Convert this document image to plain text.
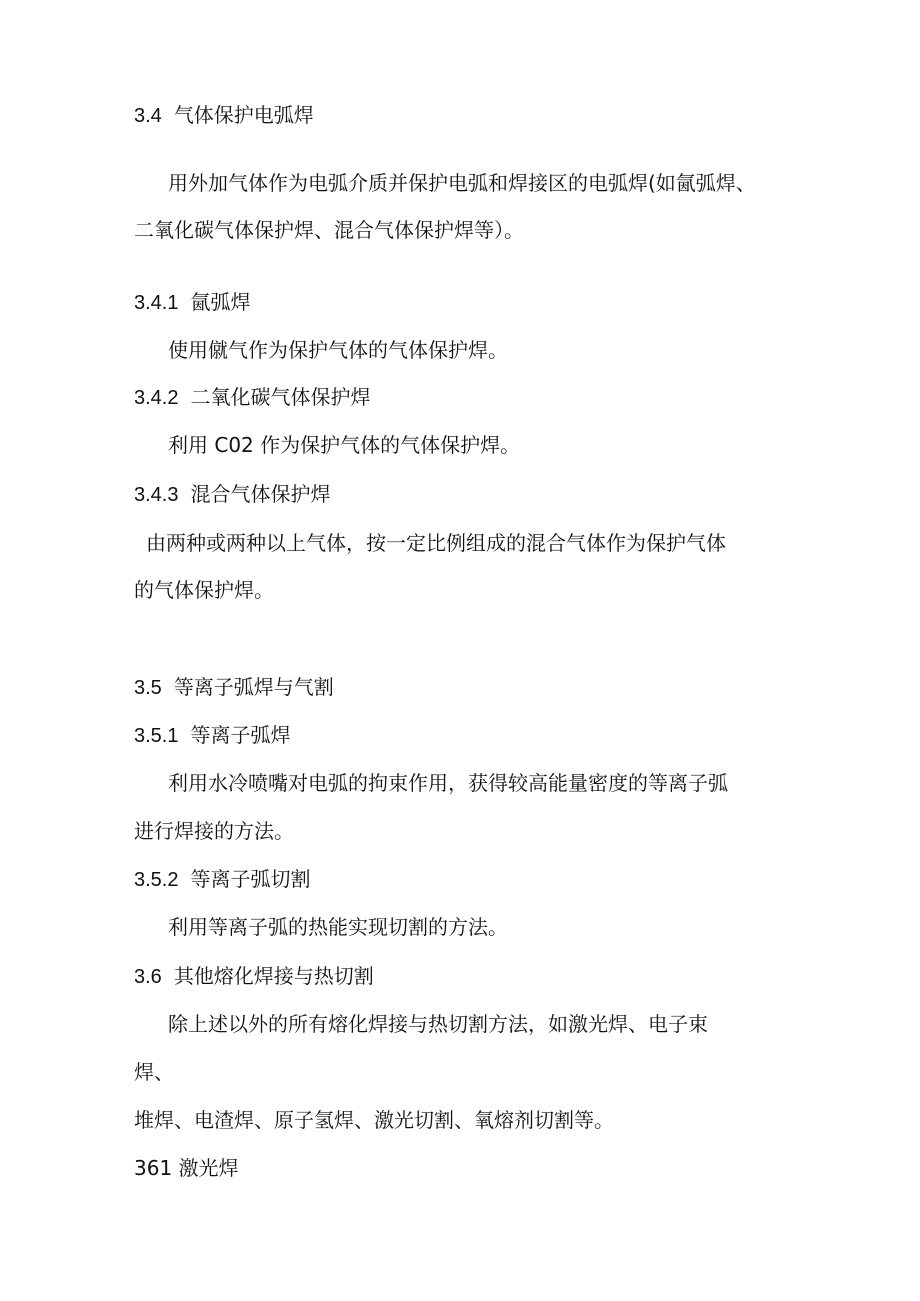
3.4 气体保护电弧焊
用外加气体作为电弧介质并保护电弧和焊接区的电弧焊(如氤弧焊、
二氧化碳气体保护焊、混合气体保护焊等）。
3.4.1 氤弧焊
使用僦气作为保护气体的气体保护焊。
3.4.2 二氧化碳气体保护焊
利用 C02 作为保护气体的气体保护焊。
3.4.3 混合气体保护焊
由两种或两种以上气体，按一定比例组成的混合气体作为保护气体
的气体保护焊。
3.5 等离子弧焊与气割
3.5.1 等离子弧焊
利用水冷喷嘴对电弧的拘束作用，获得较高能量密度的等离子弧
进行焊接的方法。
3.5.2 等离子弧切割
利用等离子弧的热能实现切割的方法。
3.6 其他熔化焊接与热切割
除上述以外的所有熔化焊接与热切割方法，如激光焊、电子束
焊、
堆焊、电渣焊、原子氢焊、激光切割、氧熔剂切割等。
361 激光焊
